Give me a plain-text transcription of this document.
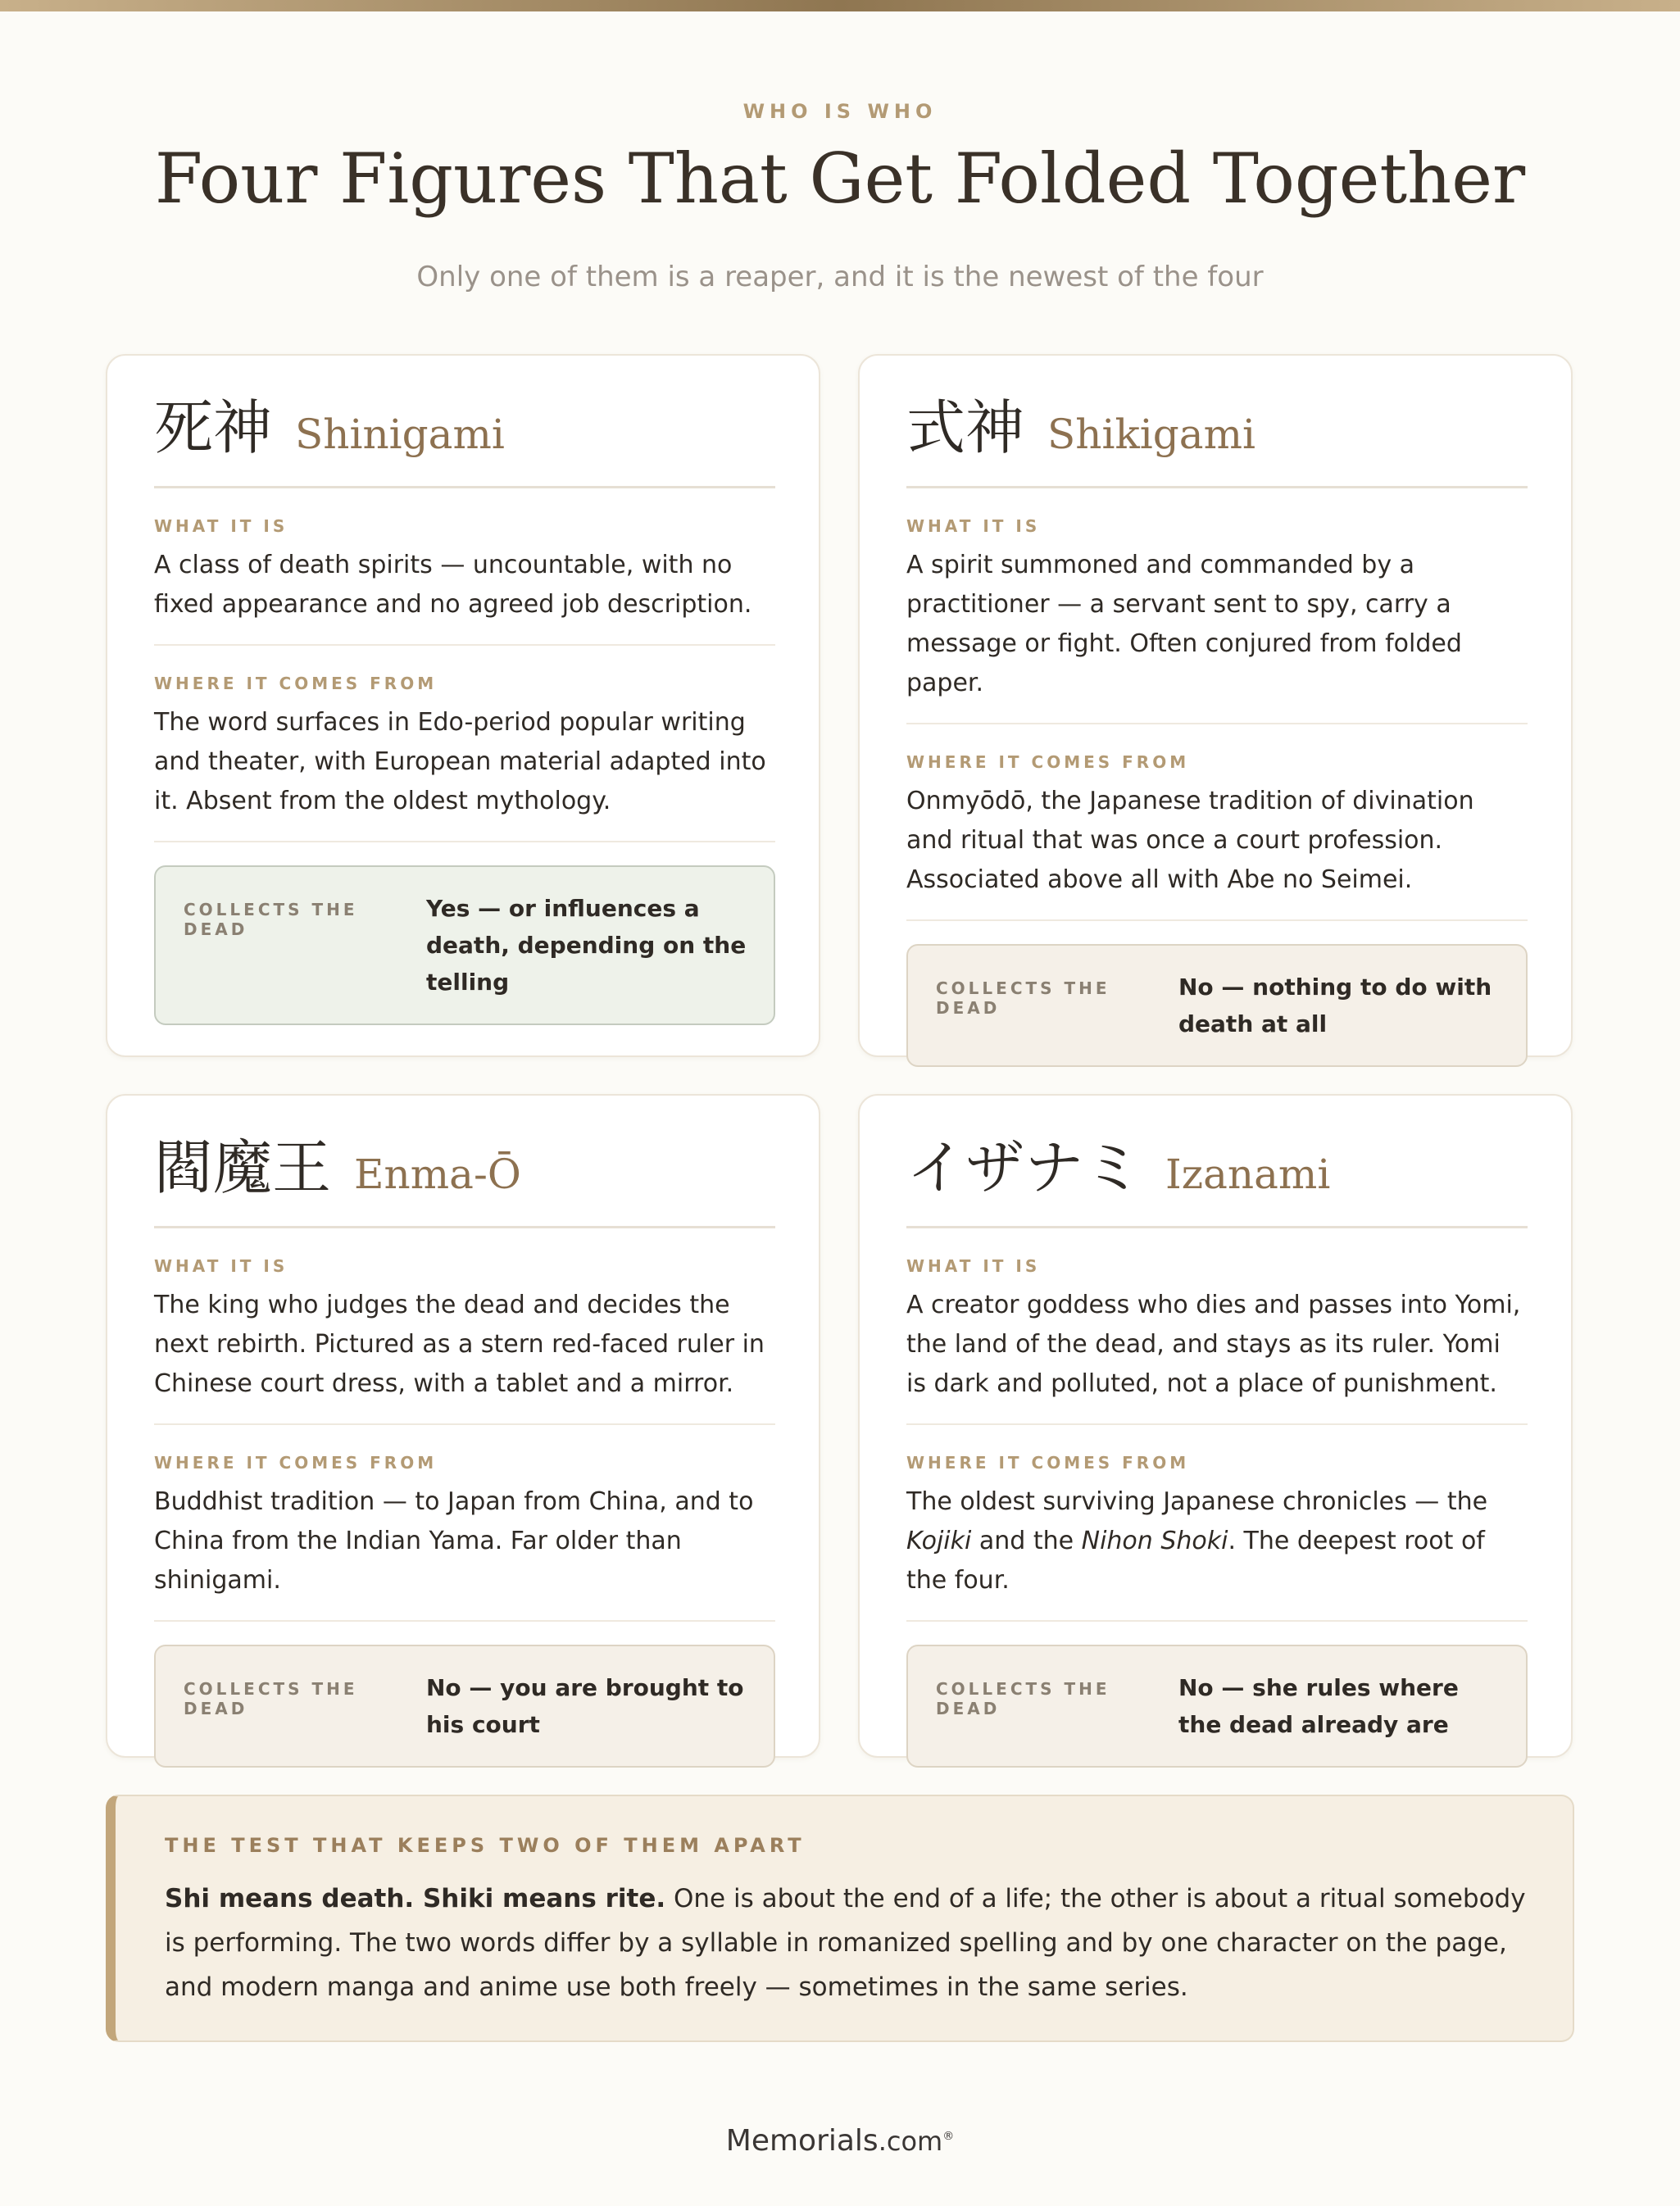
WHO IS WHO
Four Figures That Get Folded Together
Only one of them is a reaper, and it is the newest of the four
死神 Shinigami
WHAT IT IS
A class of death spirits — uncountable, with no fixed appearance and no agreed job description.
WHERE IT COMES FROM
The word surfaces in Edo-period popular writing and theater, with European material adapted into it. Absent from the oldest mythology.
COLLECTS THE DEAD
Yes — or influences a death, depending on the telling
式神 Shikigami
WHAT IT IS
A spirit summoned and commanded by a practitioner — a servant sent to spy, carry a message or fight. Often conjured from folded paper.
WHERE IT COMES FROM
Onmyōdō, the Japanese tradition of divination and ritual that was once a court profession. Associated above all with Abe no Seimei.
COLLECTS THE DEAD
No — nothing to do with death at all
閻魔王 Enma-Ō
WHAT IT IS
The king who judges the dead and decides the next rebirth. Pictured as a stern red-faced ruler in Chinese court dress, with a tablet and a mirror.
WHERE IT COMES FROM
Buddhist tradition — to Japan from China, and to China from the Indian Yama. Far older than shinigami.
COLLECTS THE DEAD
No — you are brought to his court
イザナミ Izanami
WHAT IT IS
A creator goddess who dies and passes into Yomi, the land of the dead, and stays as its ruler. Yomi is dark and polluted, not a place of punishment.
WHERE IT COMES FROM
The oldest surviving Japanese chronicles — the Kojiki and the Nihon Shoki. The deepest root of the four.
COLLECTS THE DEAD
No — she rules where the dead already are
THE TEST THAT KEEPS TWO OF THEM APART
Shi means death. Shiki means rite. One is about the end of a life; the other is about a ritual somebody is performing. The two words differ by a syllable in romanized spelling and by one character on the page, and modern manga and anime use both freely — sometimes in the same series.
Memorials.com®
